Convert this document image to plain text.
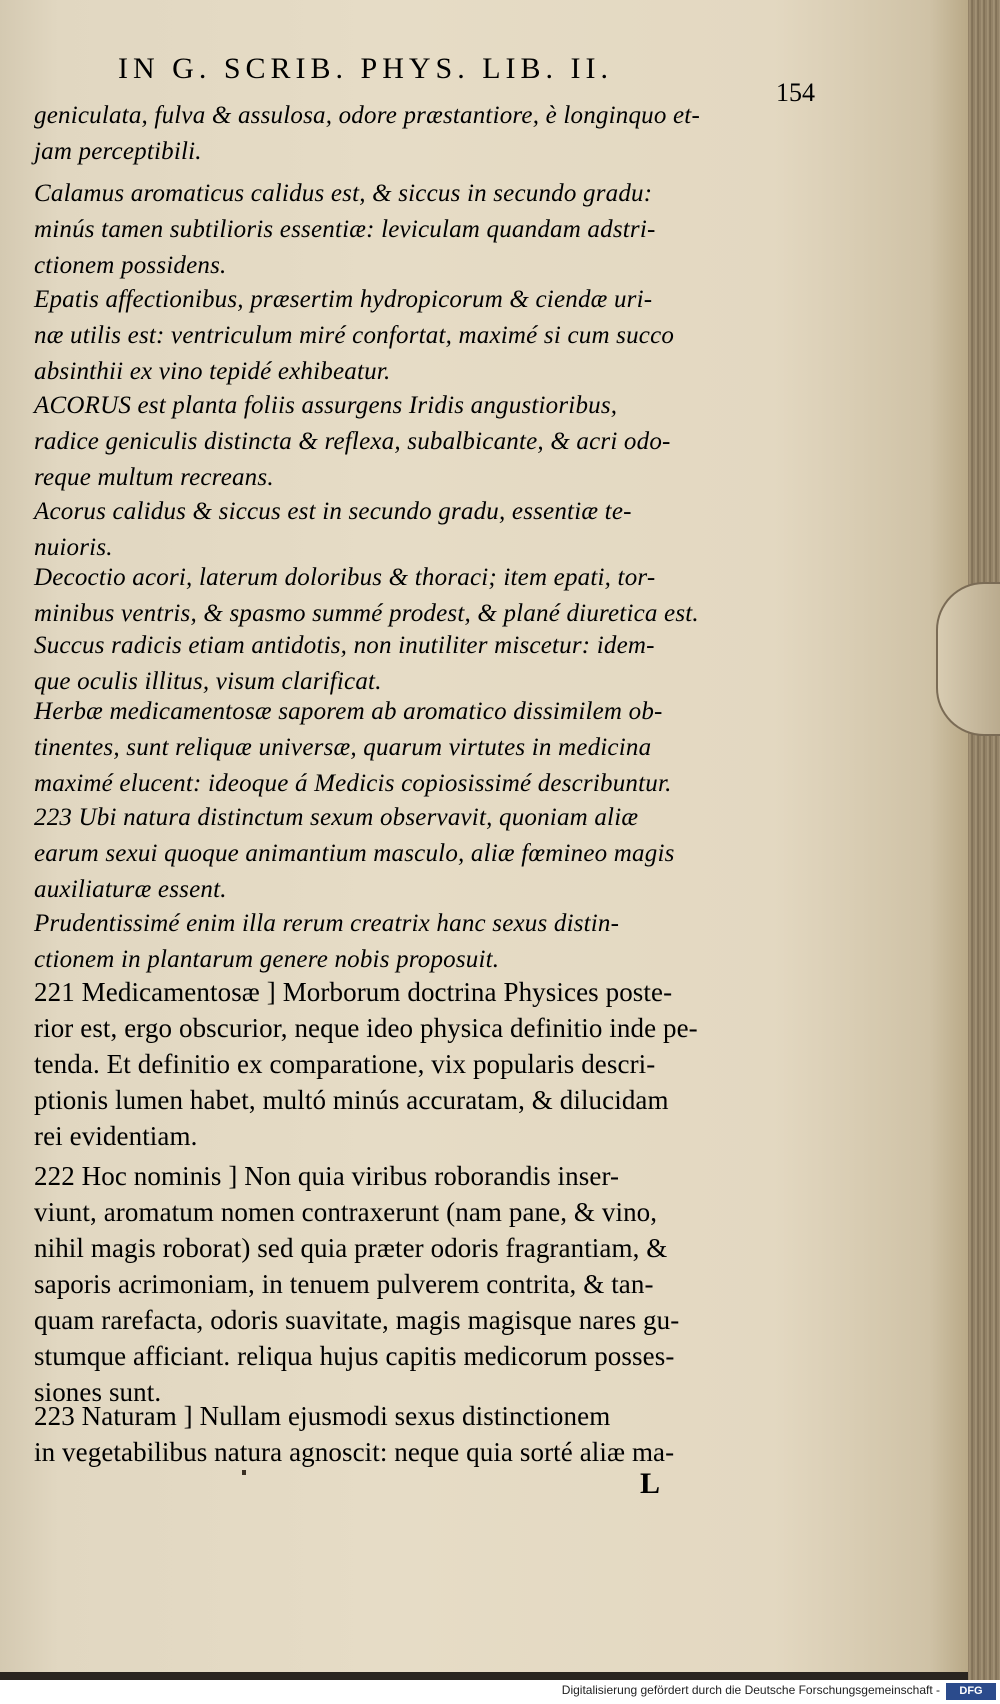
IN G. SCRIB. PHYS. LIB. II.
154

geniculata, fulva & assulosa, odore præstantiore, è longinquo et-
jam perceptibili.

Calamus aromaticus calidus est, & siccus in secundo gradu:
minús tamen subtilioris essentiæ: leviculam quandam adstri-
ctionem possidens.

Epatis affectionibus, præsertim hydropicorum & ciendæ uri-
næ utilis est: ventriculum miré confortat, maximé si cum succo
absinthii ex vino tepidé exhibeatur.

ACORUS est planta foliis assurgens Iridis angustioribus,
radice geniculis distincta & reflexa, subalbicante, & acri odo-
reque multum recreans.

Acorus calidus & siccus est in secundo gradu, essentiæ te-
nuioris.

Decoctio acori, laterum doloribus & thoraci; item epati, tor-
minibus ventris, & spasmo summé prodest, & plané diuretica est.

Succus radicis etiam antidotis, non inutiliter miscetur: idem-
que oculis illitus, visum clarificat.

Herbæ medicamentosæ saporem ab aromatico dissimilem ob-
tinentes, sunt reliquæ universæ, quarum virtutes in medicina
maximé elucent: ideoque á Medicis copiosissimé describuntur.

223 Ubi natura distinctum sexum observavit, quoniam aliæ
earum sexui quoque animantium masculo, aliæ fœmineo magis
auxiliaturæ essent.

Prudentissimé enim illa rerum creatrix hanc sexus distin-
ctionem in plantarum genere nobis proposuit.

221 Medicamentosæ ] Morborum doctrina Physices poste-
rior est, ergo obscurior, neque ideo physica definitio inde pe-
tenda. Et definitio ex comparatione, vix popularis descri-
ptionis lumen habet, multó minús accuratam, & dilucidam
rei evidentiam.

222 Hoc nominis ] Non quia viribus roborandis inser-
viunt, aromatum nomen contraxerunt (nam pane, & vino,
nihil magis roborat) sed quia præter odoris fragrantiam, &
saporis acrimoniam, in tenuem pulverem contrita, & tan-
quam rarefacta, odoris suavitate, magis magisque nares gu-
stumque afficiant. reliqua hujus capitis medicorum posses-
siones sunt.

223 Naturam ] Nullam ejusmodi sexus distinctionem
in vegetabilibus natura agnoscit: neque quia sorté aliæ ma-

L
Digitalisierung gefördert durch die Deutsche Forschungsgemeinschaft -	DFG
